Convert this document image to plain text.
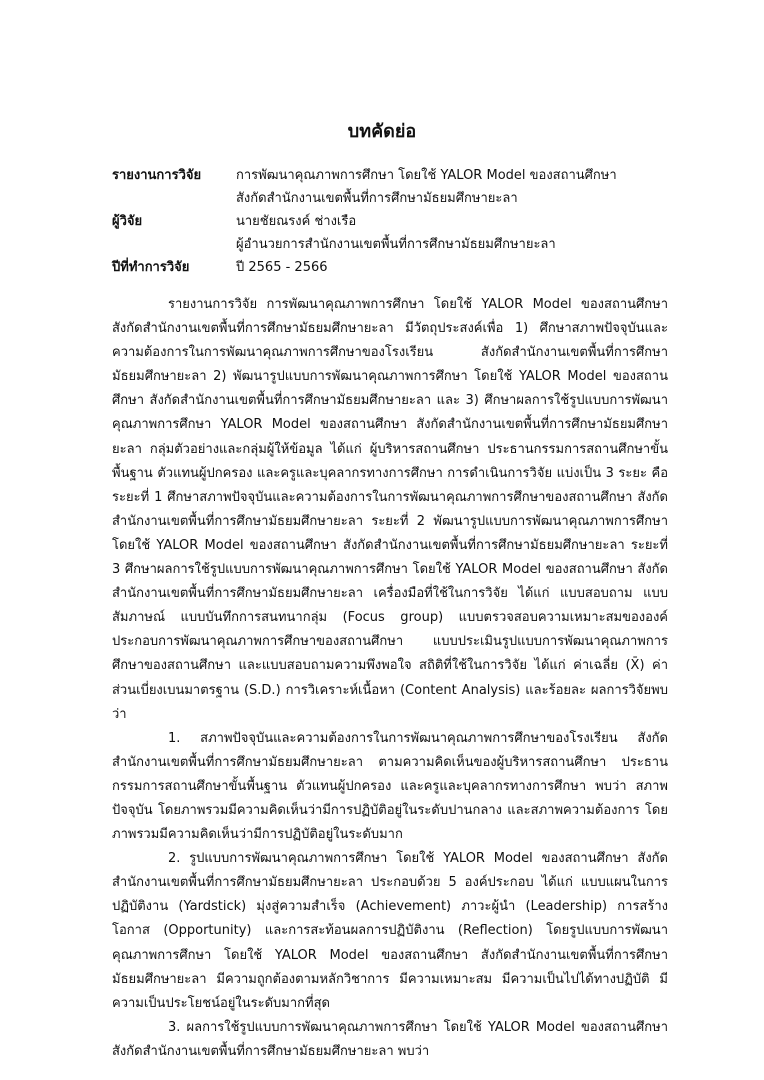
บทคัดย่อ
รายงานการวิจัย	การพัฒนาคุณภาพการศึกษา โดยใช้ YALOR Model ของสถานศึกษา
สังกัดสำนักงานเขตพื้นที่การศึกษามัธยมศึกษายะลา
ผู้วิจัย	นายชัยณรงค์ ช่างเรือ
ผู้อำนวยการสำนักงานเขตพื้นที่การศึกษามัธยมศึกษายะลา
ปีที่ทำการวิจัย	ปี 2565 - 2566

รายงานการวิจัย การพัฒนาคุณภาพการศึกษา โดยใช้ YALOR Model ของสถานศึกษา สังกัดสำนักงานเขตพื้นที่การศึกษามัธยมศึกษายะลา มีวัตถุประสงค์เพื่อ 1) ศึกษาสภาพปัจจุบันและความต้องการในการพัฒนาคุณภาพการศึกษาของโรงเรียน สังกัดสำนักงานเขตพื้นที่การศึกษามัธยมศึกษายะลา 2) พัฒนารูปแบบการพัฒนาคุณภาพการศึกษา โดยใช้ YALOR Model ของสถานศึกษา สังกัดสำนักงานเขตพื้นที่การศึกษามัธยมศึกษายะลา และ 3) ศึกษาผลการใช้รูปแบบการพัฒนาคุณภาพการศึกษา YALOR Model ของสถานศึกษา สังกัดสำนักงานเขตพื้นที่การศึกษามัธยมศึกษายะลา กลุ่มตัวอย่างและกลุ่มผู้ให้ข้อมูล ได้แก่ ผู้บริหารสถานศึกษา ประธานกรรมการสถานศึกษาขั้นพื้นฐาน ตัวแทนผู้ปกครอง และครูและบุคลากรทางการศึกษา การดำเนินการวิจัย แบ่งเป็น 3 ระยะ คือ ระยะที่ 1 ศึกษาสภาพปัจจุบันและความต้องการในการพัฒนาคุณภาพการศึกษาของสถานศึกษา สังกัดสำนักงานเขตพื้นที่การศึกษามัธยมศึกษายะลา ระยะที่ 2 พัฒนารูปแบบการพัฒนาคุณภาพการศึกษา โดยใช้ YALOR Model ของสถานศึกษา สังกัดสำนักงานเขตพื้นที่การศึกษามัธยมศึกษายะลา ระยะที่ 3 ศึกษาผลการใช้รูปแบบการพัฒนาคุณภาพการศึกษา โดยใช้ YALOR Model ของสถานศึกษา สังกัดสำนักงานเขตพื้นที่การศึกษามัธยมศึกษายะลา เครื่องมือที่ใช้ในการวิจัย ได้แก่ แบบสอบถาม แบบสัมภาษณ์ แบบบันทึกการสนทนากลุ่ม (Focus group) แบบตรวจสอบความเหมาะสมขององค์ประกอบการพัฒนาคุณภาพการศึกษาของสถานศึกษา แบบประเมินรูปแบบการพัฒนาคุณภาพการศึกษาของสถานศึกษา และแบบสอบถามความพึงพอใจ สถิติที่ใช้ในการวิจัย ได้แก่ ค่าเฉลี่ย (X̄) ค่าส่วนเบี่ยงเบนมาตรฐาน (S.D.) การวิเคราะห์เนื้อหา (Content Analysis) และร้อยละ ผลการวิจัยพบว่า

1. สภาพปัจจุบันและความต้องการในการพัฒนาคุณภาพการศึกษาของโรงเรียน สังกัดสำนักงานเขตพื้นที่การศึกษามัธยมศึกษายะลา ตามความคิดเห็นของผู้บริหารสถานศึกษา ประธานกรรมการสถานศึกษาขั้นพื้นฐาน ตัวแทนผู้ปกครอง และครูและบุคลากรทางการศึกษา พบว่า สภาพปัจจุบัน โดยภาพรวมมีความคิดเห็นว่ามีการปฏิบัติอยู่ในระดับปานกลาง และสภาพความต้องการ โดยภาพรวมมีความคิดเห็นว่ามีการปฏิบัติอยู่ในระดับมาก

2. รูปแบบการพัฒนาคุณภาพการศึกษา โดยใช้ YALOR Model ของสถานศึกษา สังกัดสำนักงานเขตพื้นที่การศึกษามัธยมศึกษายะลา ประกอบด้วย 5 องค์ประกอบ ได้แก่ แบบแผนในการปฏิบัติงาน (Yardstick) มุ่งสู่ความสำเร็จ (Achievement) ภาวะผู้นำ (Leadership) การสร้างโอกาส (Opportunity) และการสะท้อนผลการปฏิบัติงาน (Reflection) โดยรูปแบบการพัฒนาคุณภาพการศึกษา โดยใช้ YALOR Model ของสถานศึกษา สังกัดสำนักงานเขตพื้นที่การศึกษามัธยมศึกษายะลา มีความถูกต้องตามหลักวิชาการ มีความเหมาะสม มีความเป็นไปได้ทางปฏิบัติ มีความเป็นประโยชน์อยู่ในระดับมากที่สุด

3. ผลการใช้รูปแบบการพัฒนาคุณภาพการศึกษา โดยใช้ YALOR Model ของสถานศึกษา สังกัดสำนักงานเขตพื้นที่การศึกษามัธยมศึกษายะลา พบว่า
